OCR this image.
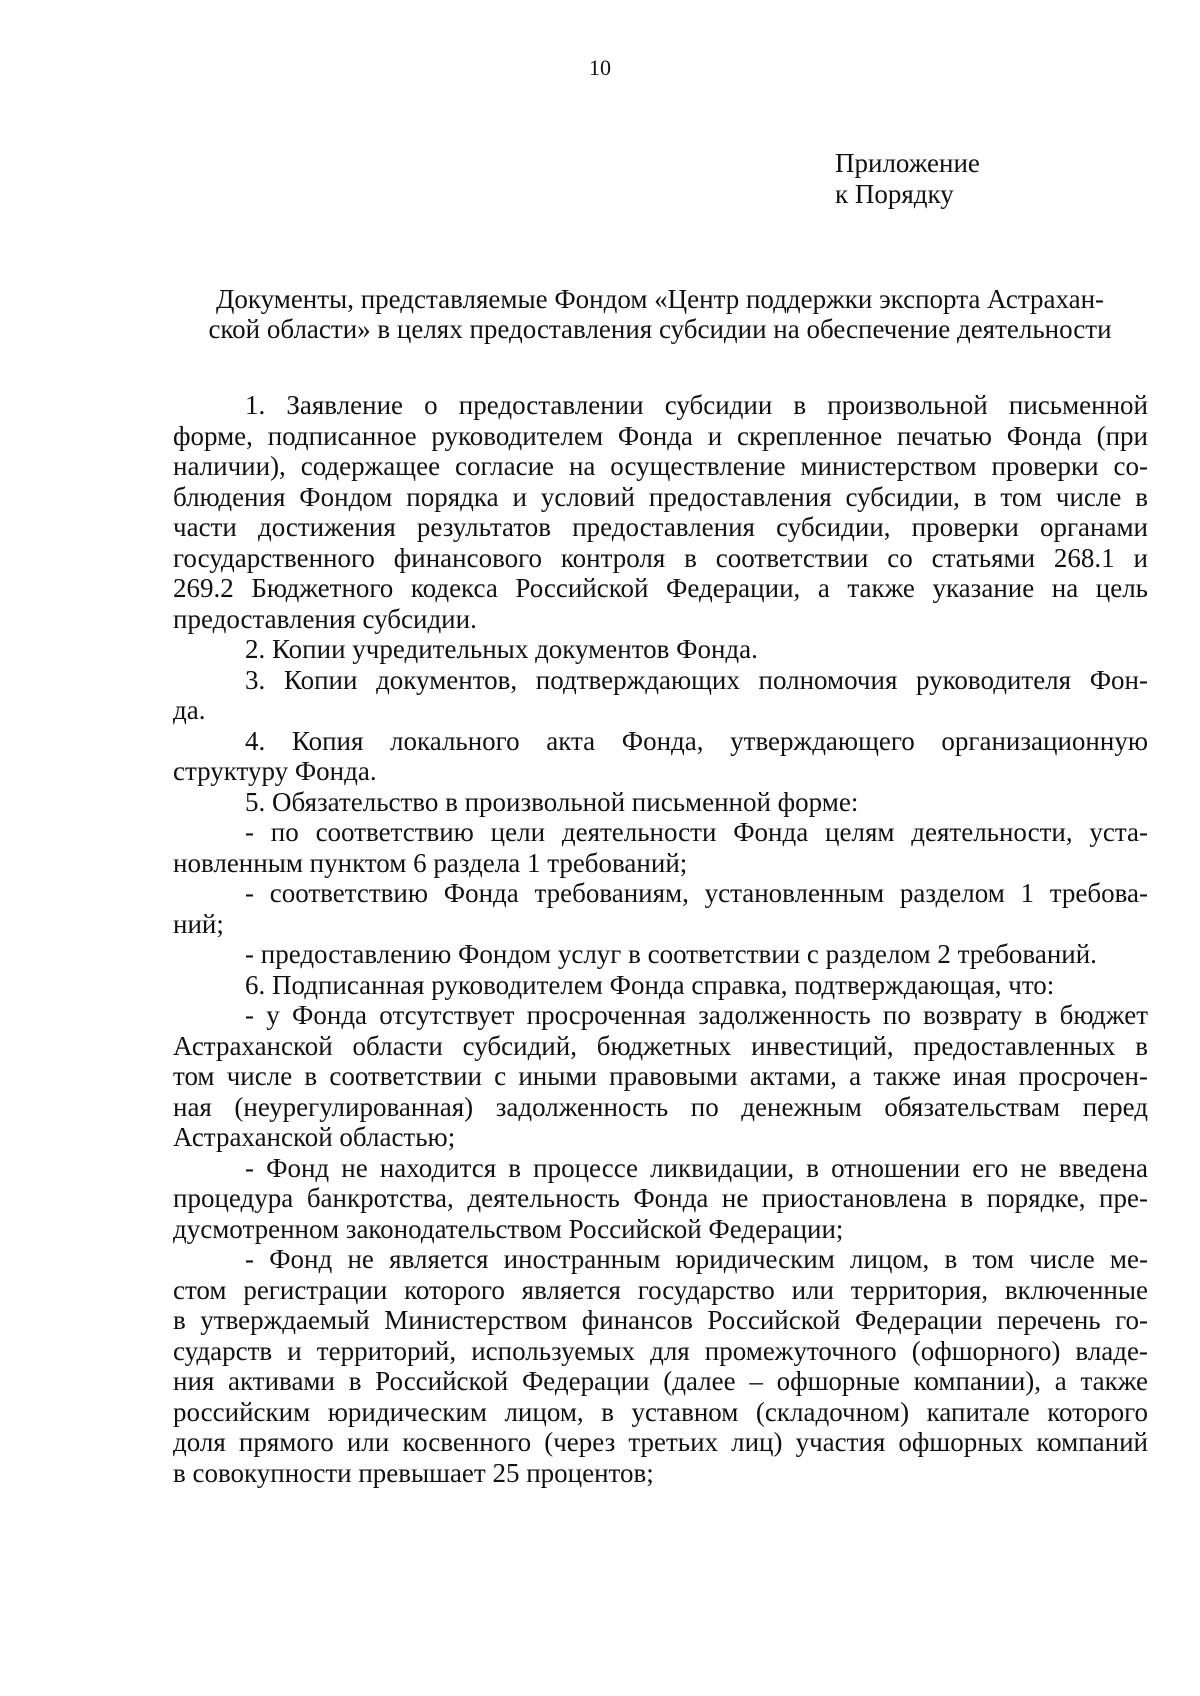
10
Приложение
к Порядку
Документы, представляемые Фондом «Центр поддержки экспорта Астрахан-
ской области» в целях предоставления субсидии на обеспечение деятельности
1. Заявление о предоставлении субсидии в произвольной письменной
форме, подписанное руководителем Фонда и скрепленное печатью Фонда (при
наличии), содержащее согласие на осуществление министерством проверки со-
блюдения Фондом порядка и условий предоставления субсидии, в том числе в
части достижения результатов предоставления субсидии, проверки органами
государственного финансового контроля в соответствии со статьями 268.1 и
269.2 Бюджетного кодекса Российской Федерации, а также указание на цель
предоставления субсидии.
2. Копии учредительных документов Фонда.
3. Копии документов, подтверждающих полномочия руководителя Фон-
да.
4. Копия локального акта Фонда, утверждающего организационную
структуру Фонда.
5. Обязательство в произвольной письменной форме:
- по соответствию цели деятельности Фонда целям деятельности, уста-
новленным пунктом 6 раздела 1 требований;
- соответствию Фонда требованиям, установленным разделом 1 требова-
ний;
- предоставлению Фондом услуг в соответствии с разделом 2 требований.
6. Подписанная руководителем Фонда справка, подтверждающая, что:
- у Фонда отсутствует просроченная задолженность по возврату в бюджет
Астраханской области субсидий, бюджетных инвестиций, предоставленных в
том числе в соответствии с иными правовыми актами, а также иная просрочен-
ная (неурегулированная) задолженность по денежным обязательствам перед
Астраханской областью;
- Фонд не находится в процессе ликвидации, в отношении его не введена
процедура банкротства, деятельность Фонда не приостановлена в порядке, пре-
дусмотренном законодательством Российской Федерации;
- Фонд не является иностранным юридическим лицом, в том числе ме-
стом регистрации которого является государство или территория, включенные
в утверждаемый Министерством финансов Российской Федерации перечень го-
сударств и территорий, используемых для промежуточного (офшорного) владе-
ния активами в Российской Федерации (далее – офшорные компании), а также
российским юридическим лицом, в уставном (складочном) капитале которого
доля прямого или косвенного (через третьих лиц) участия офшорных компаний
в совокупности превышает 25 процентов;
